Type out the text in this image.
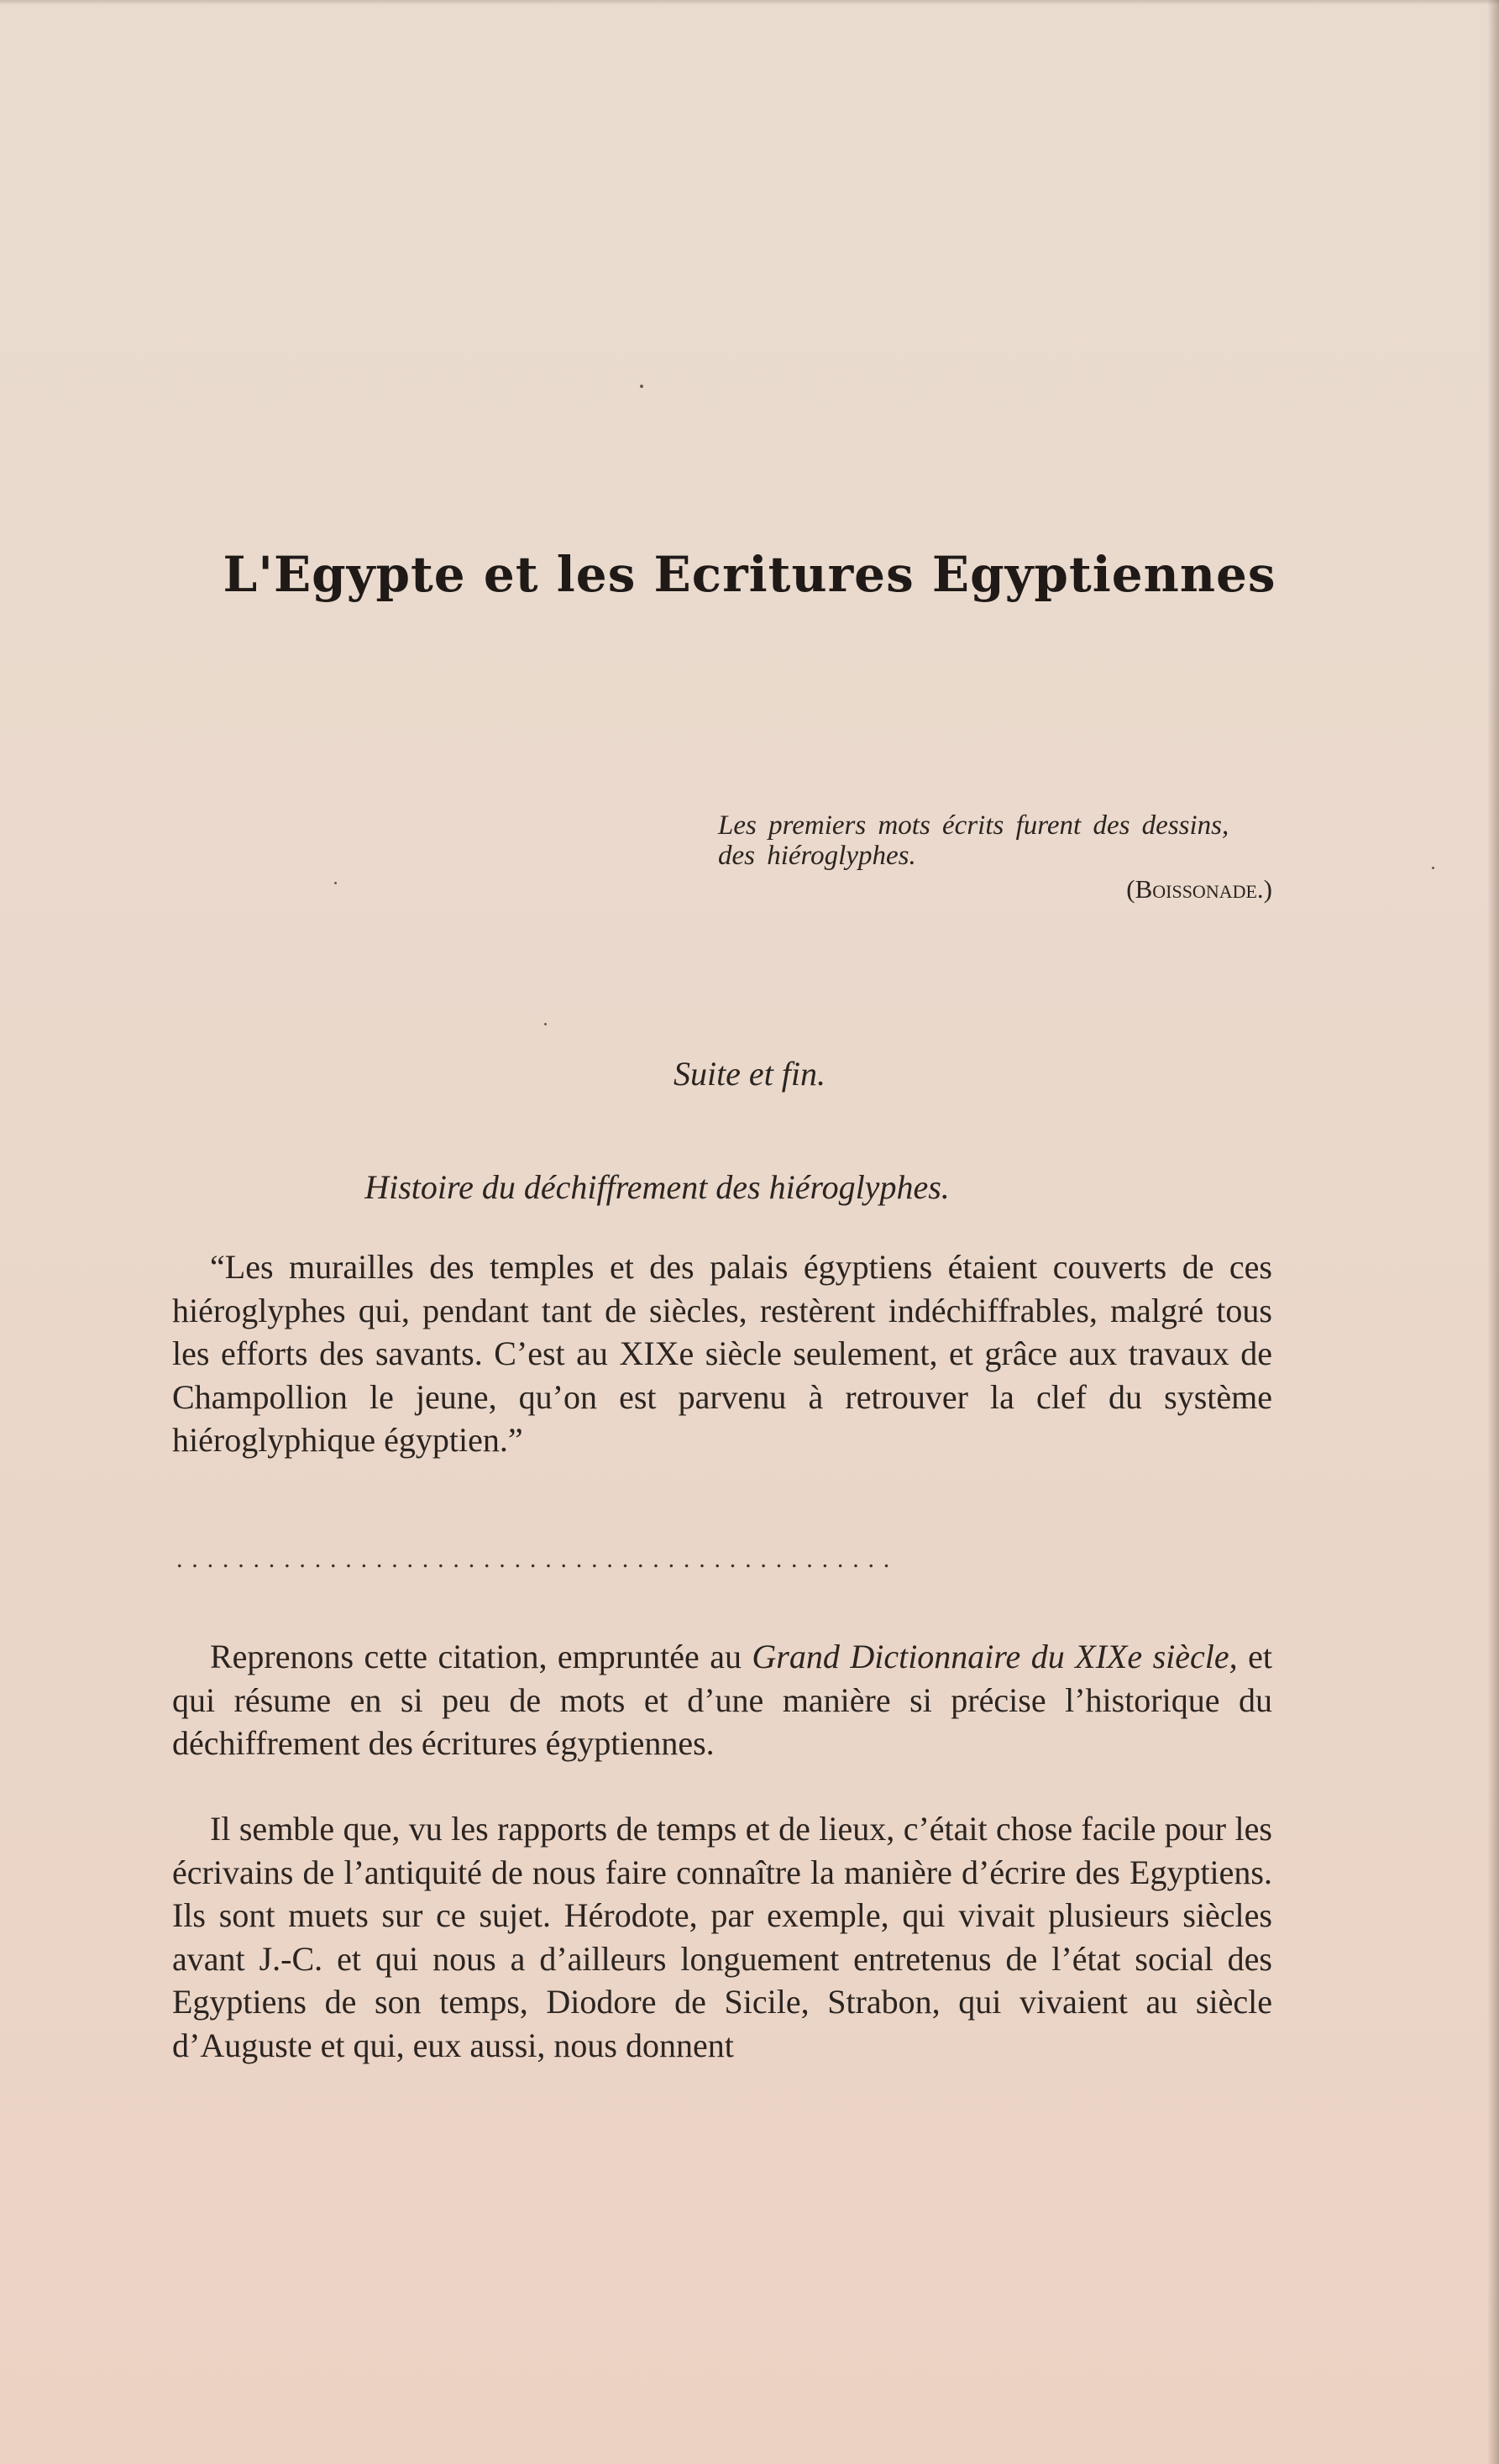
L'Egypte et les Ecritures Egyptiennes
Les premiers mots écrits furent des dessins, des hiéroglyphes.
(Boissonade.)
Suite et fin.
Histoire du déchiffrement des hiéroglyphes.
“Les murailles des temples et des palais égyptiens étaient couverts de ces hiéroglyphes qui, pendant tant de siècles, restèrent indéchiffrables, malgré tous les efforts des savants. C’est au XIXe siècle seulement, et grâce aux travaux de Champollion le jeune, qu’on est parvenu à retrouver la clef du système hiéroglyphique égyptien.”
...............................................
Reprenons cette citation, empruntée au Grand Dictionnaire du XIXe siècle, et qui résume en si peu de mots et d’une manière si précise l’historique du déchiffrement des écritures égyptiennes.
Il semble que, vu les rapports de temps et de lieux, c’était chose facile pour les écrivains de l’antiquité de nous faire connaître la manière d’écrire des Egyptiens. Ils sont muets sur ce sujet. Hérodote, par exemple, qui vivait plusieurs siècles avant J.-C. et qui nous a d’ailleurs longuement entretenus de l’état social des Egyptiens de son temps, Diodore de Sicile, Strabon, qui vivaient au siècle d’Auguste et qui, eux aussi, nous donnent
